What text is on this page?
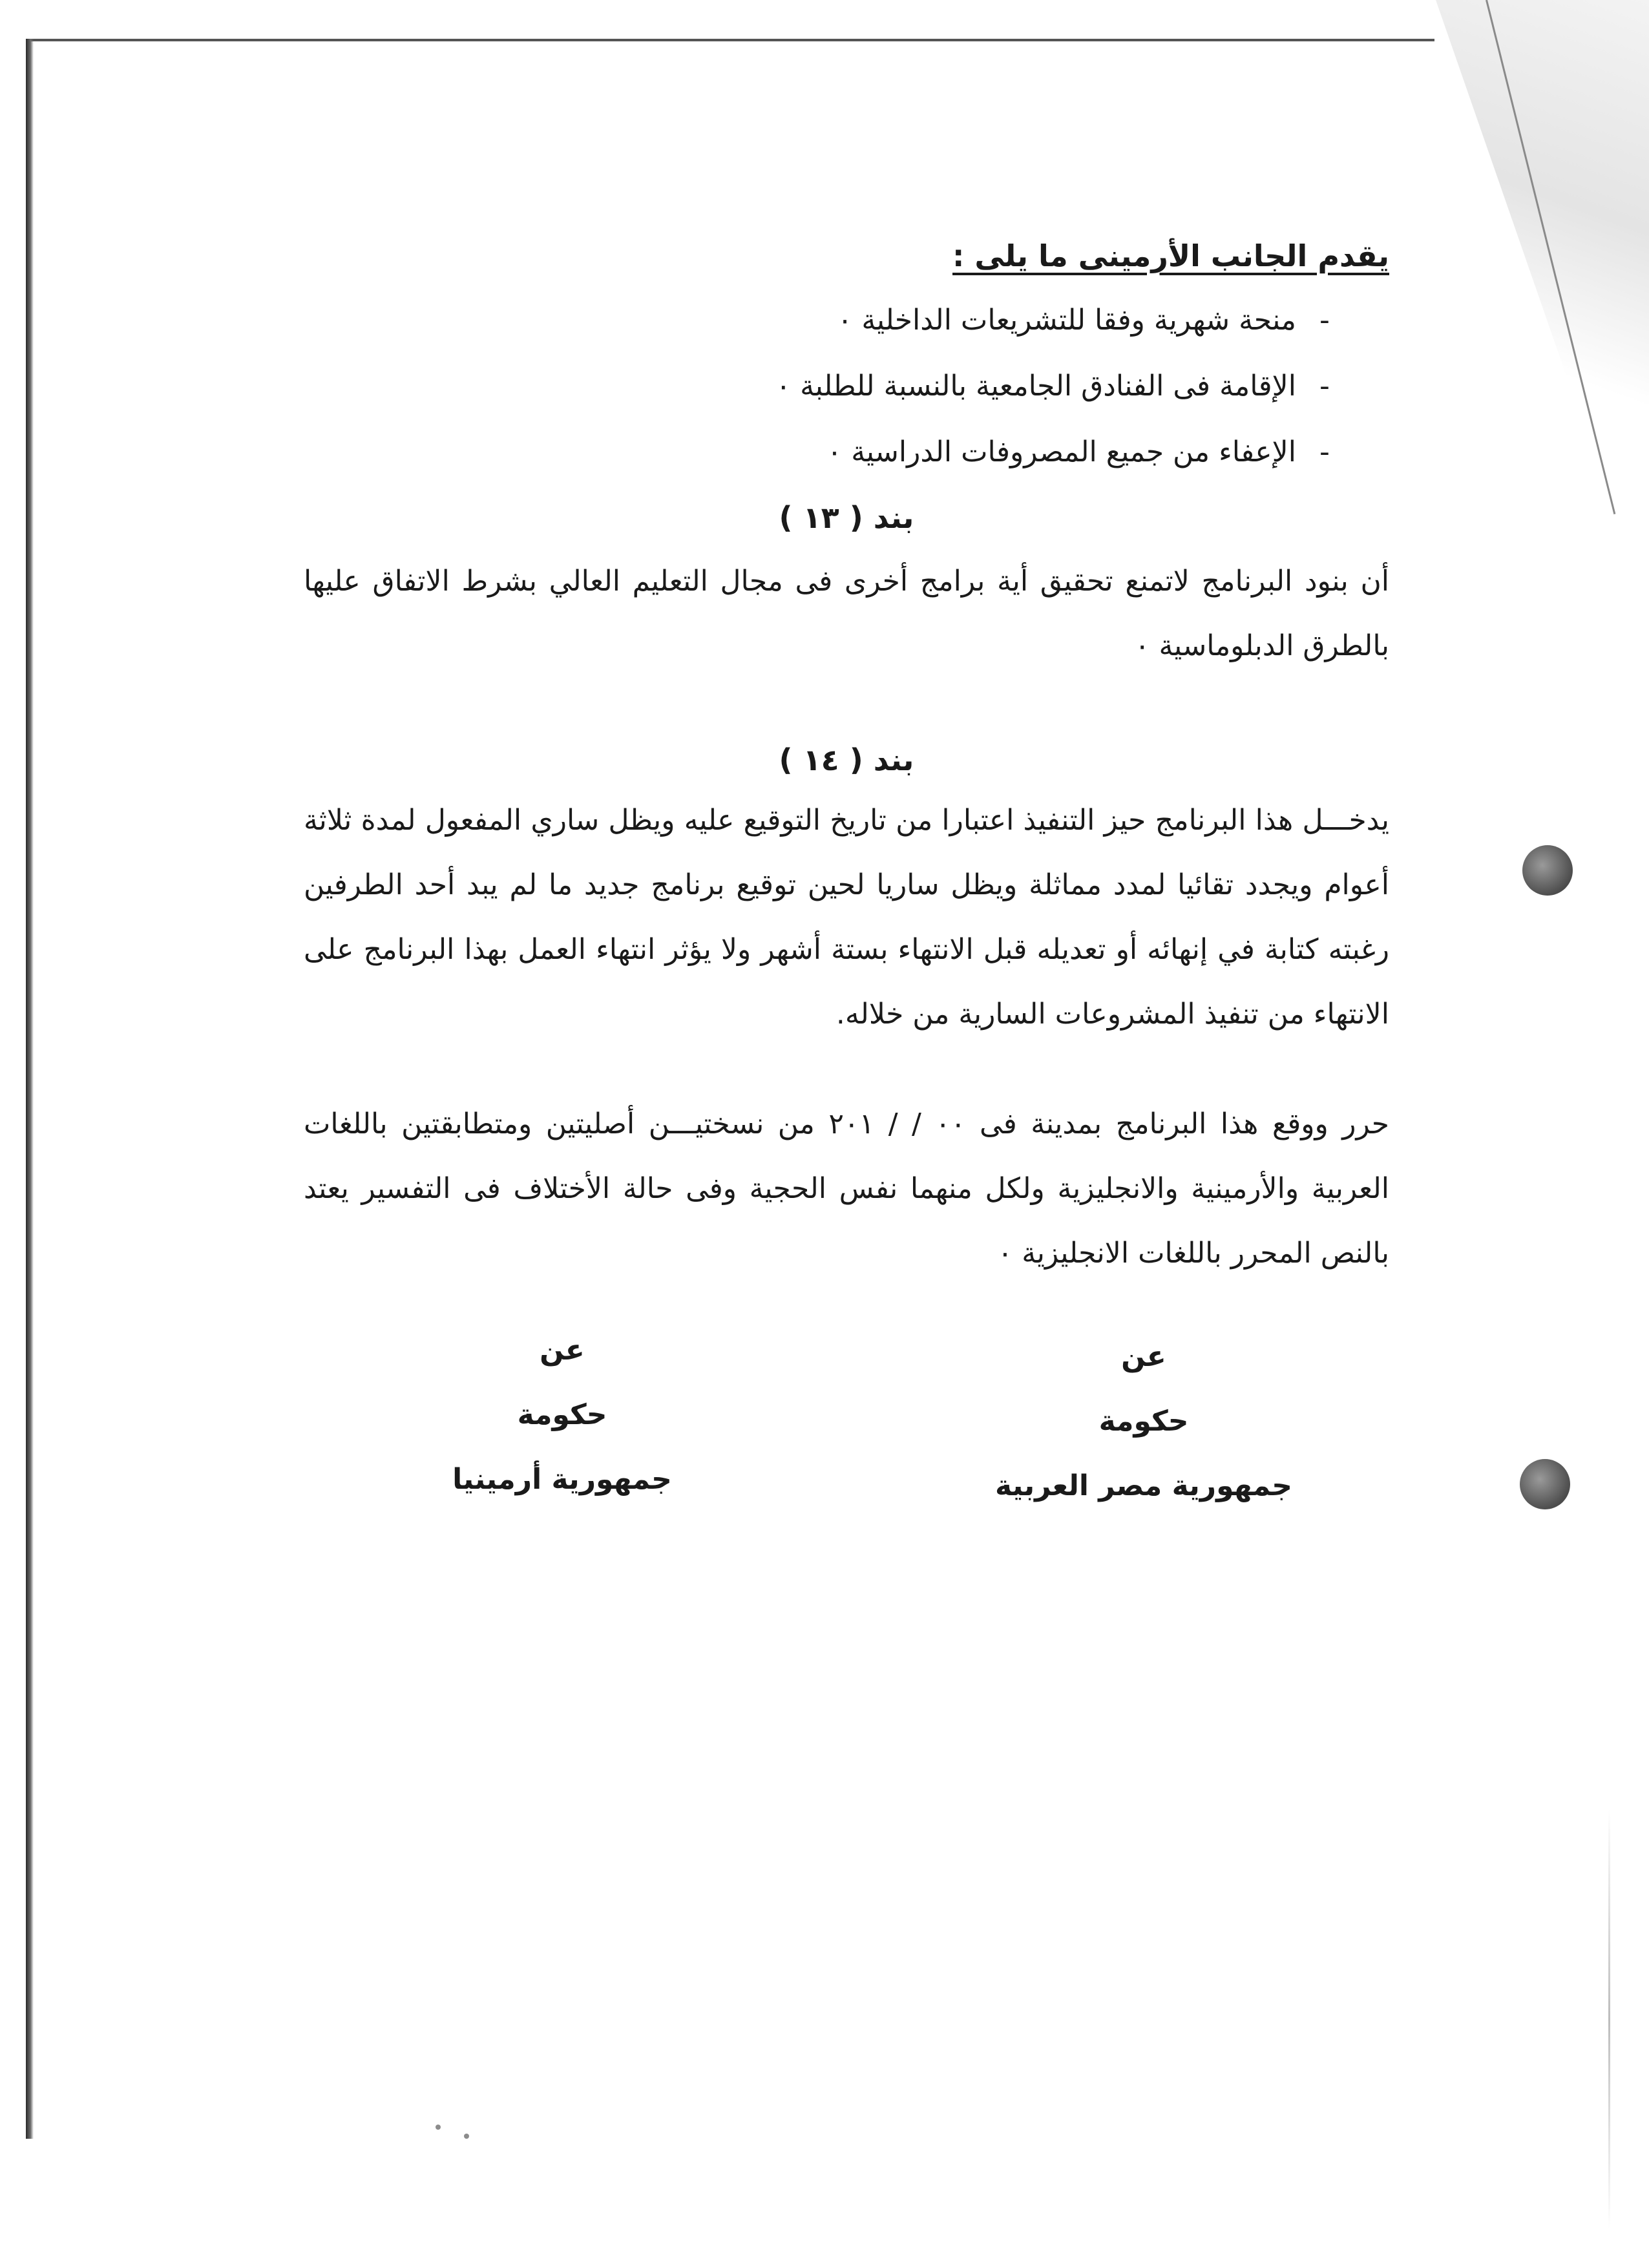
يقدم الجانب الأرمينى ما يلى :
- منحة شهرية وفقا للتشريعات الداخلية ٠
- الإقامة فى الفنادق الجامعية بالنسبة للطلبة ٠
- الإعفاء من جميع المصروفات الدراسية ٠
بند ( ١٣ )

أن بنود البرنامج لاتمنع تحقيق أية برامج أخرى فى مجال التعليم العالي بشرط الاتفاق عليها بالطرق الدبلوماسية ٠

بند ( ١٤ )

يدخـــل هذا البرنامج حيز التنفيذ اعتبارا من تاريخ التوقيع عليه ويظل ساري المفعول لمدة ثلاثة أعوام ويجدد تقائيا لمدد مماثلة ويظل ساريا لحين توقيع برنامج جديد ما لم يبد أحد الطرفين رغبته كتابة في إنهائه أو تعديله قبل الانتهاء بستة أشهر ولا يؤثر انتهاء العمل بهذا البرنامج على الانتهاء من تنفيذ المشروعات السارية من خلاله.

حرر ووقع هذا البرنامج بمدينة فى ٠٠ / / ٢٠١ من نسختيـــن أصليتين ومتطابقتين باللغات العربية والأرمينية والانجليزية ولكل منهما نفس الحجية وفى حالة الأختلاف فى التفسير يعتد بالنص المحرر باللغات الانجليزية ٠

عن
حكومة
جمهورية مصر العربية
عن
حكومة
جمهورية أرمينيا
